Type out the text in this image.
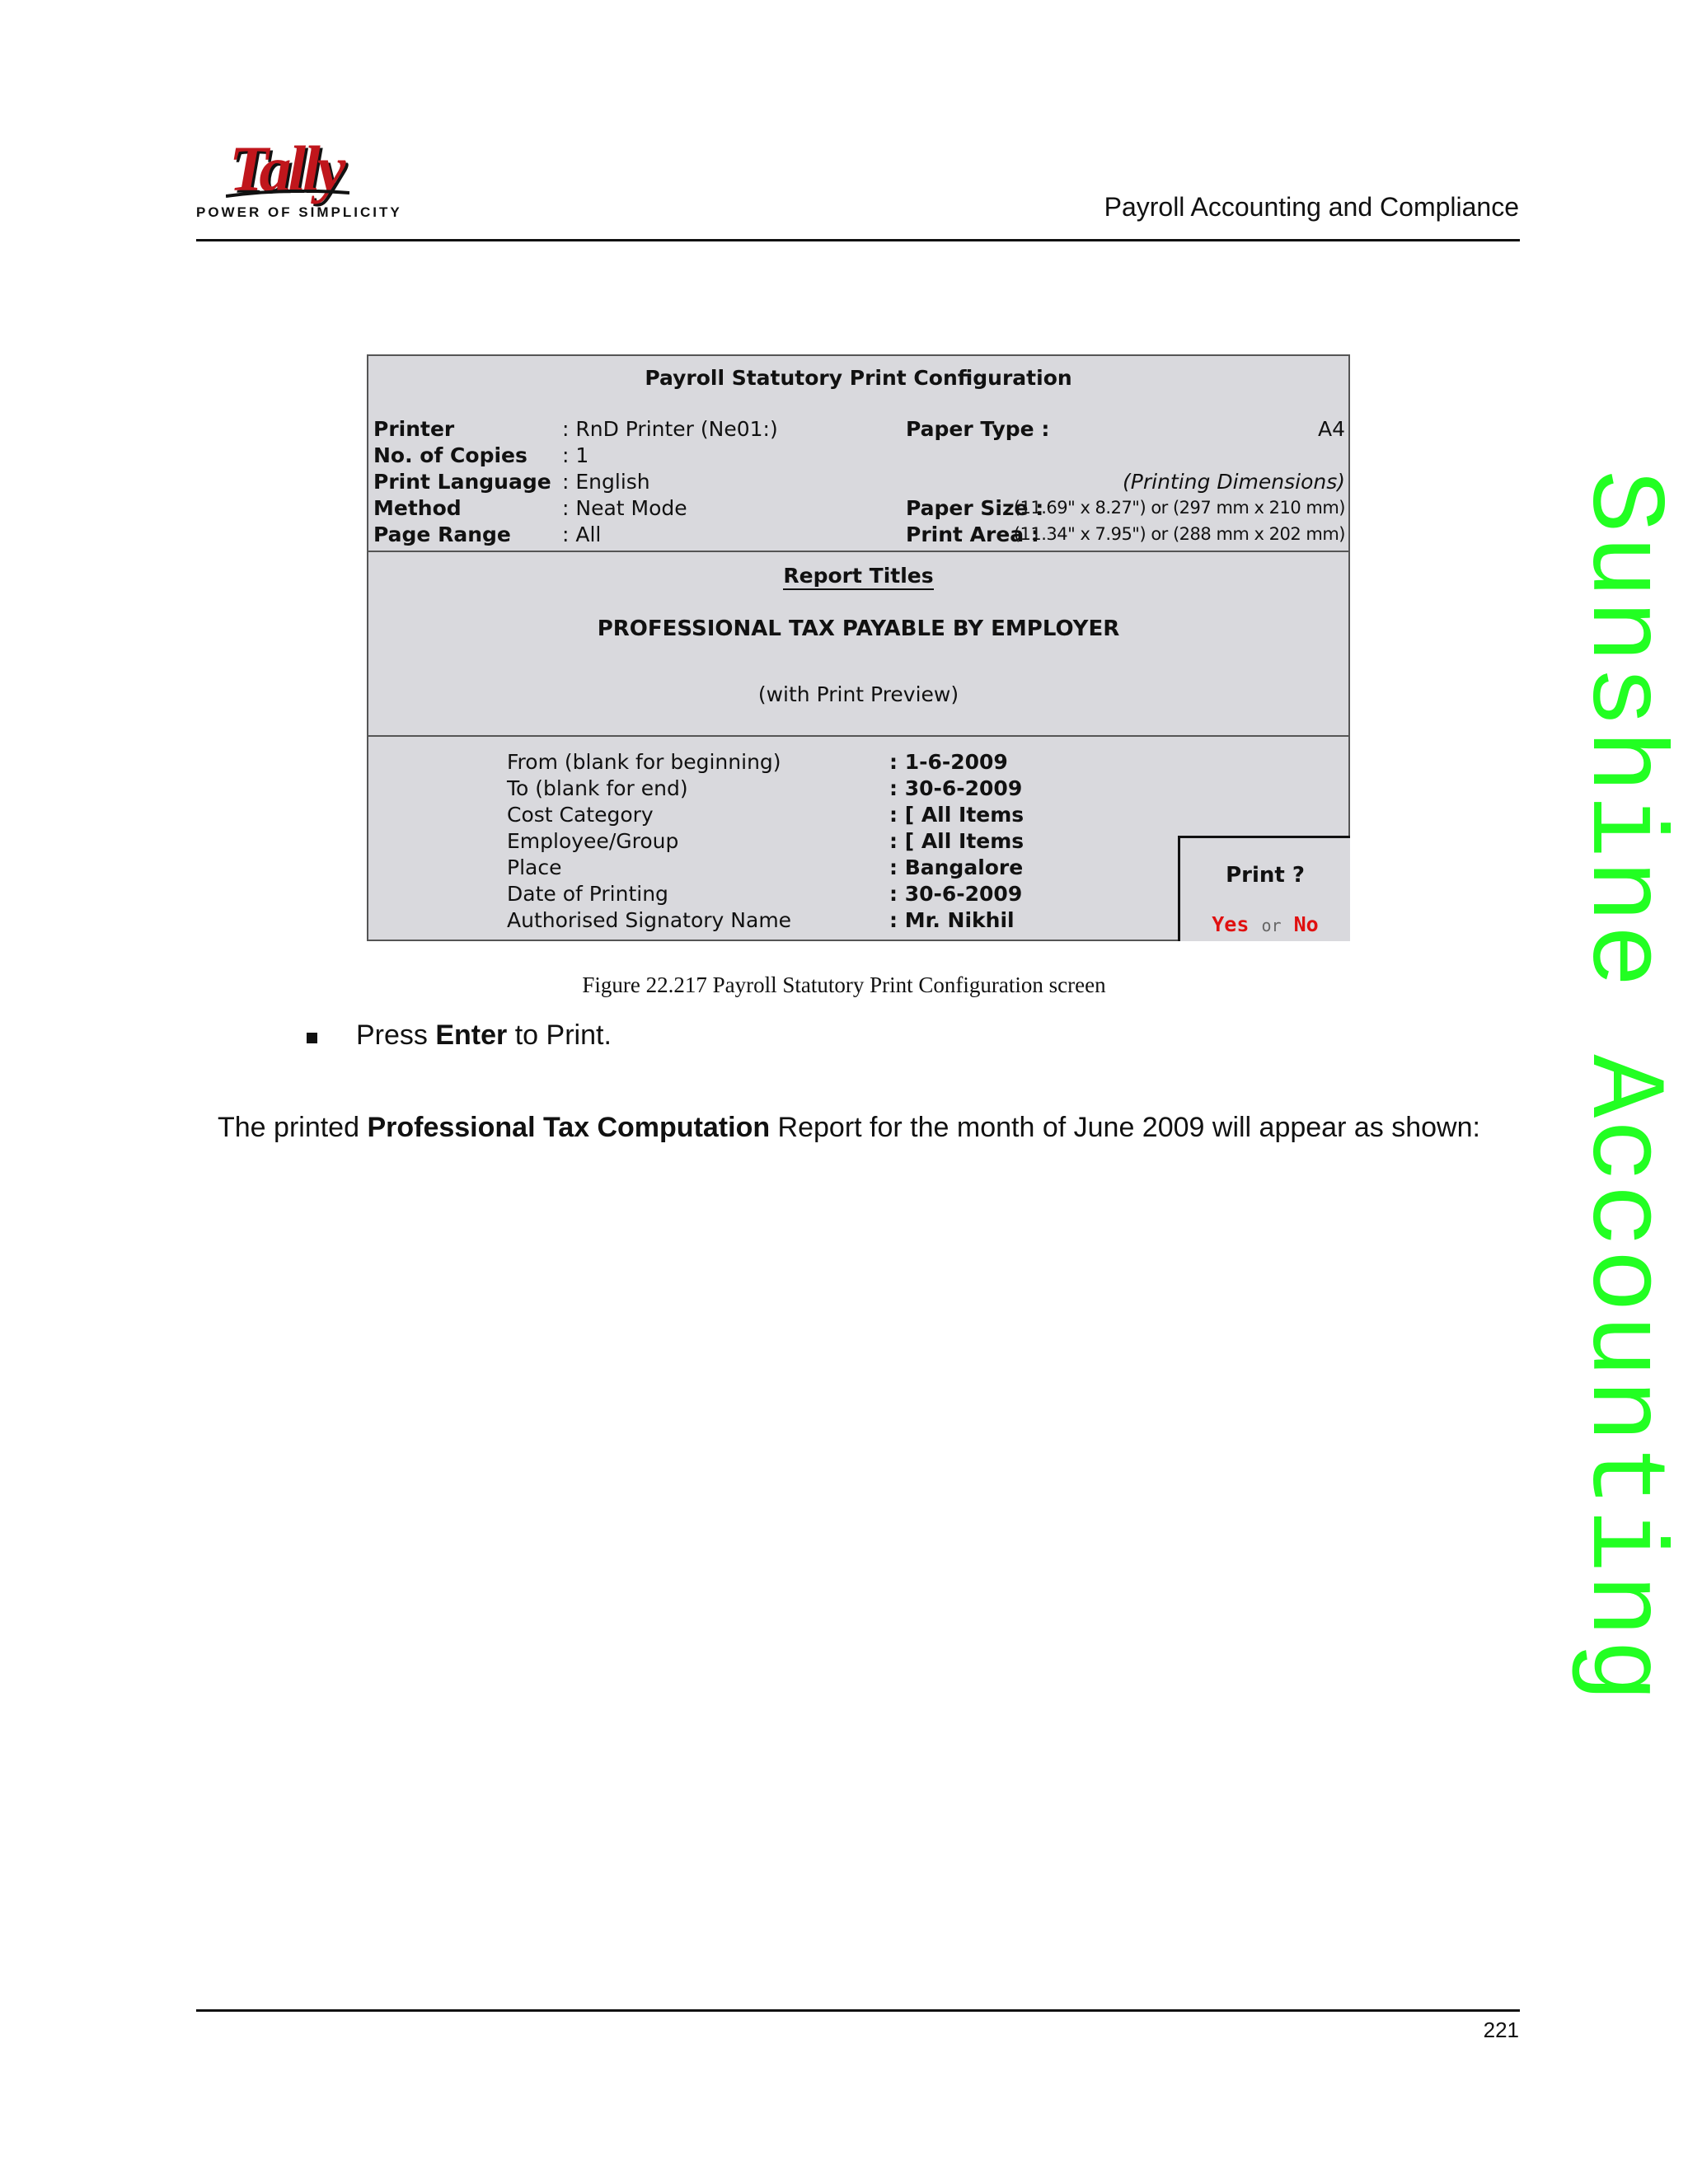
Tally
POWER OF SIMPLICITY	Payroll Accounting and Compliance
Sunshine Accounting
Payroll Statutory Print Configuration
Printer	: RnD Printer (Ne01:)
No. of Copies : 1
Print Language : English
Method	: Neat Mode
Page Range : All
Paper Type :	A4
(Printing Dimensions)
Paper Size :
(11.69" x 8.27") or (297 mm x 210 mm)
Print Area :
(11.34" x 7.95") or (288 mm x 202 mm)
Report Titles
PROFESSIONAL TAX PAYABLE BY EMPLOYER
(with Print Preview)
From (blank for beginning)	: 1-6-2009
To (blank for end)	: 30-6-2009
Cost Category	: [ All Items
Employee/Group	: [ All Items
Place	: Bangalore
Date of Printing	: 30-6-2009
Authorised Signatory Name	: Mr. Nikhil
Print ?
Yes or No
Figure 22.217 Payroll Statutory Print Configuration screen
Press Enter to Print.
The printed Professional Tax Computation Report for the month of June 2009 will appear as shown:
221
